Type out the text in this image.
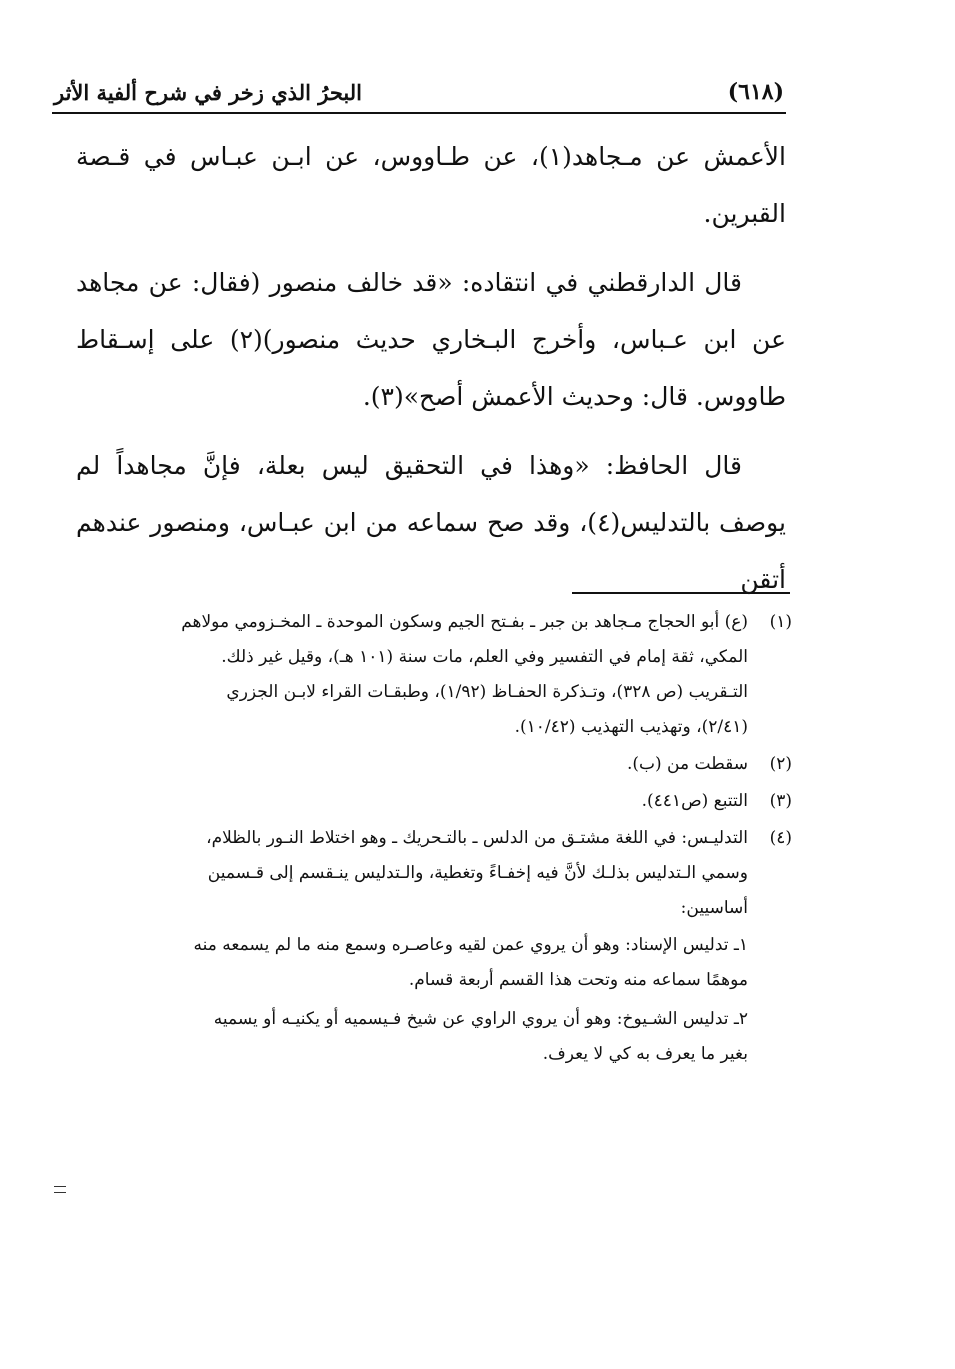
(٦١٨)
البحرُ الذي زخر في شرح ألفية الأثر

الأعمش عن مـجاهد(١)، عن طـاووس، عن ابـن عبـاس في قـصة القبرين.

قال الدارقطني في انتقاده: «قد خالف منصور (فقال: عن مجاهد عن ابن عـباس، وأخرج البـخاري حديث منصور)(٢) على إسـقاط طاووس. قال: وحديث الأعمش أصح»(٣).

قال الحافظ: «وهذا في التحقيق ليس بعلة، فإنَّ مجاهداً لم يوصف بالتدليس(٤)، وقد صح سماعه من ابن عبـاس، ومنصور عندهم أتقن

(١)
(ع) أبو الحجاج مـجاهد بن جبر ـ بفـتح الجيم وسكون الموحدة ـ المخـزومي مولاهم
المكي، ثقة إمام في التفسير وفي العلم، مات سنة (١٠١ هـ)، وقيل غير ذلك.
التـقريب (ص ٣٢٨)، وتـذكرة الحفـاظ (١/٩٢)، وطبقـات القراء لابـن الجزري
(٢/٤١)، وتهذيب التهذيب (١٠/٤٢).
(٢)
سقطت من (ب).
(٣)
التتبع (ص٤٤١).
(٤)
التدليـس: في اللغة مشتـق من الدلس ـ بالتـحريك ـ وهو اختلاط النـور بالظلام،
وسمي الـتدليس بذلـك لأنَّ فيه إخفـاءً وتغطية، والـتدليس ينـقسم إلى قـسمين
أساسيين:
١ـ تدليس الإسناد: وهو أن يروي عمن لقيه وعاصـره وسمع منه ما لم يسمعه منه
موهمًا سماعه منه وتحت هذا القسم أربعة قسام.
٢ـ تدليس الشـيوخ: وهو أن يروي الراوي عن شيخ فـيسميه أو يكنيـه أو يسميه
بغير ما يعرف به كي لا يعرف.
